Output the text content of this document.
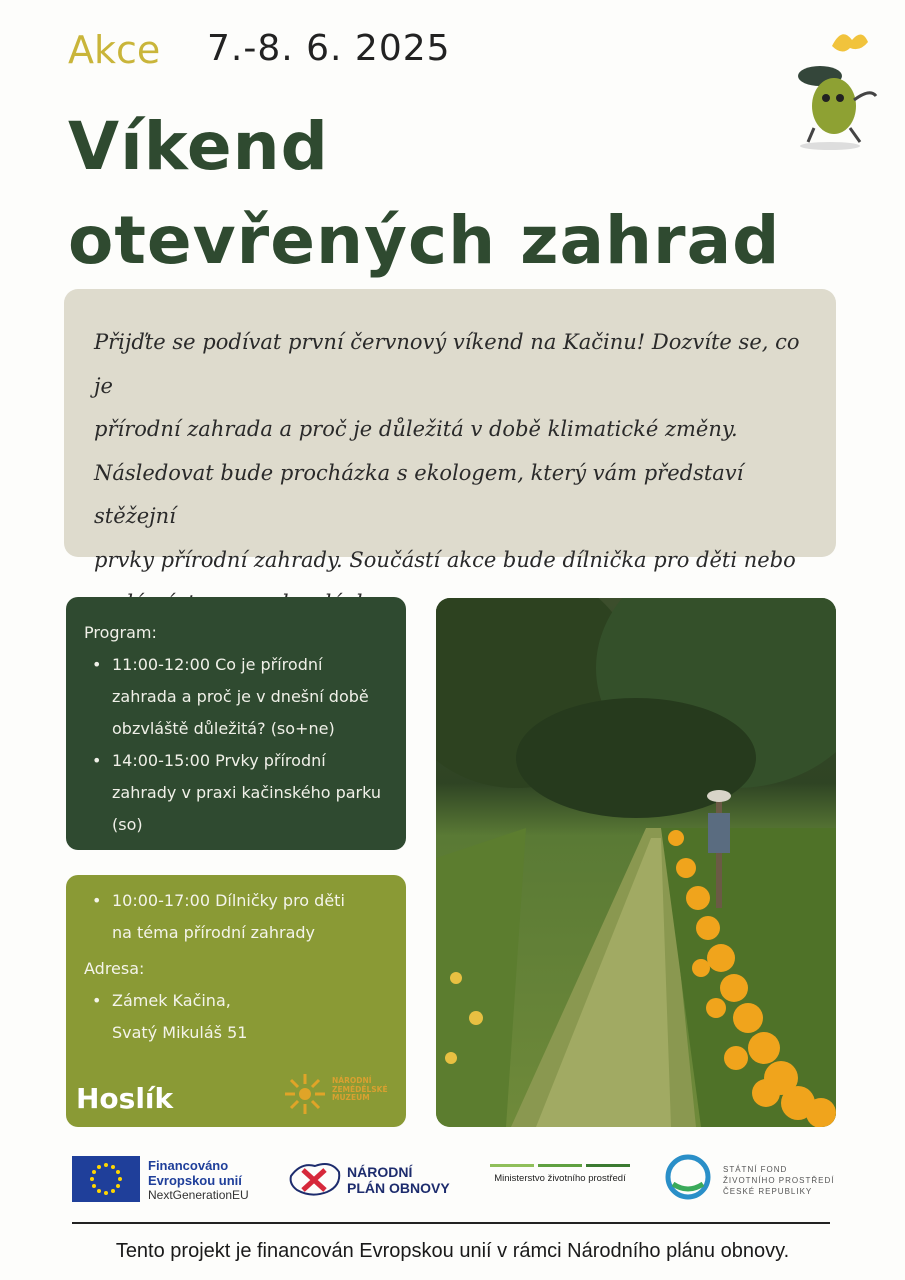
Akce 7.-8. 6. 2025
Víkend
otevřených zahrad
Přijďte se podívat první červnový víkend na Kačinu! Dozvíte se, co je
přírodní zahrada a proč je důležitá v době klimatické změny.
Následovat bude procházka s ekologem, který vám představí stěžejní
prvky přírodní zahrady. Součástí akce bude dílnička pro děti nebo
Program:
• 11:00-12:00 Co je přírodní
zahrada a proč je v dnešní době
obzvláště důležitá? (so+ne)
• 14:00-15:00 Prvky přírodní
zahrady v praxi kačinského parku
(so)
• 10:00-17:00 Dílničky pro děti
na téma přírodní zahrady
Adresa:
• Zámek Kačina,
Svatý Mikuláš 51
Hoslík
NÁRODNÍ
ZEMĚDĚLSKÉ
MUZEUM
Financováno
Evropskou unií
NextGenerationEU
NÁRODNÍ
PLÁN OBNOVY
Ministerstvo životního prostředí
STÁTNÍ FOND
ŽIVOTNÍHO PROSTŘEDÍ
ČESKÉ REPUBLIKY
Tento projekt je financován Evropskou unií v rámci Národního plánu obnovy.
